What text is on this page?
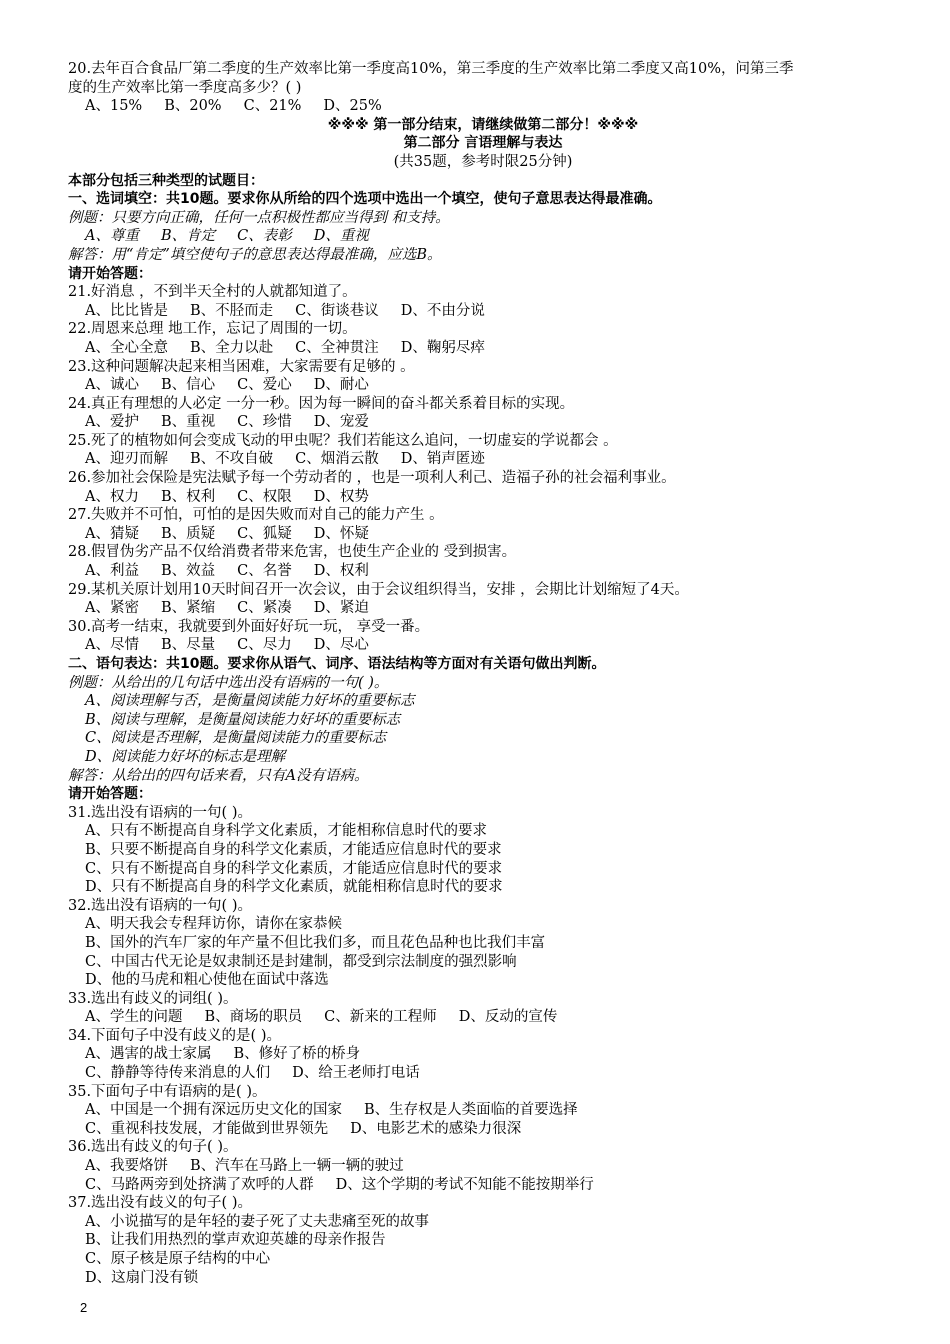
20.去年百合食品厂第二季度的生产效率比第一季度高10%，第三季度的生产效率比第二季度又高10%，问第三季
度的生产效率比第一季度高多少？( )
A、15% B、20% C、21% D、25%
※※※ 第一部分结束，请继续做第二部分！※※※
第二部分 言语理解与表达
(共35题，参考时限25分钟)
本部分包括三种类型的试题目：
一、选词填空：共10题。要求你从所给的四个选项中选出一个填空，使句子意思表达得最准确。
例题：只要方向正确，任何一点积极性都应当得到 和支持。
A、尊重 B、肯定 C、表彰 D、重视
解答：用“肯定”填空使句子的意思表达得最准确，应选B。
请开始答题：
21.好消息 ，不到半天全村的人就都知道了。
A、比比皆是 B、不胫而走 C、街谈巷议 D、不由分说
22.周恩来总理 地工作，忘记了周围的一切。
A、全心全意 B、全力以赴 C、全神贯注 D、鞠躬尽瘁
23.这种问题解决起来相当困难，大家需要有足够的 。
A、诚心 B、信心 C、爱心 D、耐心
24.真正有理想的人必定 一分一秒。因为每一瞬间的奋斗都关系着目标的实现。
A、爱护 B、重视 C、珍惜 D、宠爱
25.死了的植物如何会变成飞动的甲虫呢？我们若能这么追问，一切虚妄的学说都会 。
A、迎刃而解 B、不攻自破 C、烟消云散 D、销声匿迹
26.参加社会保险是宪法赋予每一个劳动者的 ，也是一项利人利己、造福子孙的社会福利事业。
A、权力 B、权利 C、权限 D、权势
27.失败并不可怕，可怕的是因失败而对自己的能力产生 。
A、猜疑 B、质疑 C、狐疑 D、怀疑
28.假冒伪劣产品不仅给消费者带来危害，也使生产企业的 受到损害。
A、利益 B、效益 C、名誉 D、权利
29.某机关原计划用10天时间召开一次会议，由于会议组织得当，安排 ，会期比计划缩短了4天。
A、紧密 B、紧缩 C、紧凑 D、紧迫
30.高考一结束，我就要到外面好好玩一玩， 享受一番。
A、尽情 B、尽量 C、尽力 D、尽心
二、语句表达：共10题。要求你从语气、词序、语法结构等方面对有关语句做出判断。
例题：从给出的几句话中选出没有语病的一句( )。
A、阅读理解与否，是衡量阅读能力好坏的重要标志
B、阅读与理解，是衡量阅读能力好坏的重要标志
C、阅读是否理解，是衡量阅读能力的重要标志
D、阅读能力好坏的标志是理解
解答：从给出的四句话来看，只有A没有语病。
请开始答题：
31.选出没有语病的一句( )。
A、只有不断提高自身科学文化素质，才能相称信息时代的要求
B、只要不断提高自身的科学文化素质，才能适应信息时代的要求
C、只有不断提高自身的科学文化素质，才能适应信息时代的要求
D、只有不断提高自身的科学文化素质，就能相称信息时代的要求
32.选出没有语病的一句( )。
A、明天我会专程拜访你，请你在家恭候
B、国外的汽车厂家的年产量不但比我们多，而且花色品种也比我们丰富
C、中国古代无论是奴隶制还是封建制，都受到宗法制度的强烈影响
D、他的马虎和粗心使他在面试中落选
33.选出有歧义的词组( )。
A、学生的问题 B、商场的职员 C、新来的工程师 D、反动的宣传
34.下面句子中没有歧义的是( )。
A、遇害的战士家属 B、修好了桥的桥身
C、静静等待传来消息的人们 D、给王老师打电话
35.下面句子中有语病的是( )。
A、中国是一个拥有深远历史文化的国家 B、生存权是人类面临的首要选择
C、重视科技发展，才能做到世界领先 D、电影艺术的感染力很深
36.选出有歧义的句子( )。
A、我要烙饼 B、汽车在马路上一辆一辆的驶过
C、马路两旁到处挤满了欢呼的人群 D、这个学期的考试不知能不能按期举行
37.选出没有歧义的句子( )。
A、小说描写的是年轻的妻子死了丈夫悲痛至死的故事
B、让我们用热烈的掌声欢迎英雄的母亲作报告
C、原子核是原子结构的中心
D、这扇门没有锁
2
